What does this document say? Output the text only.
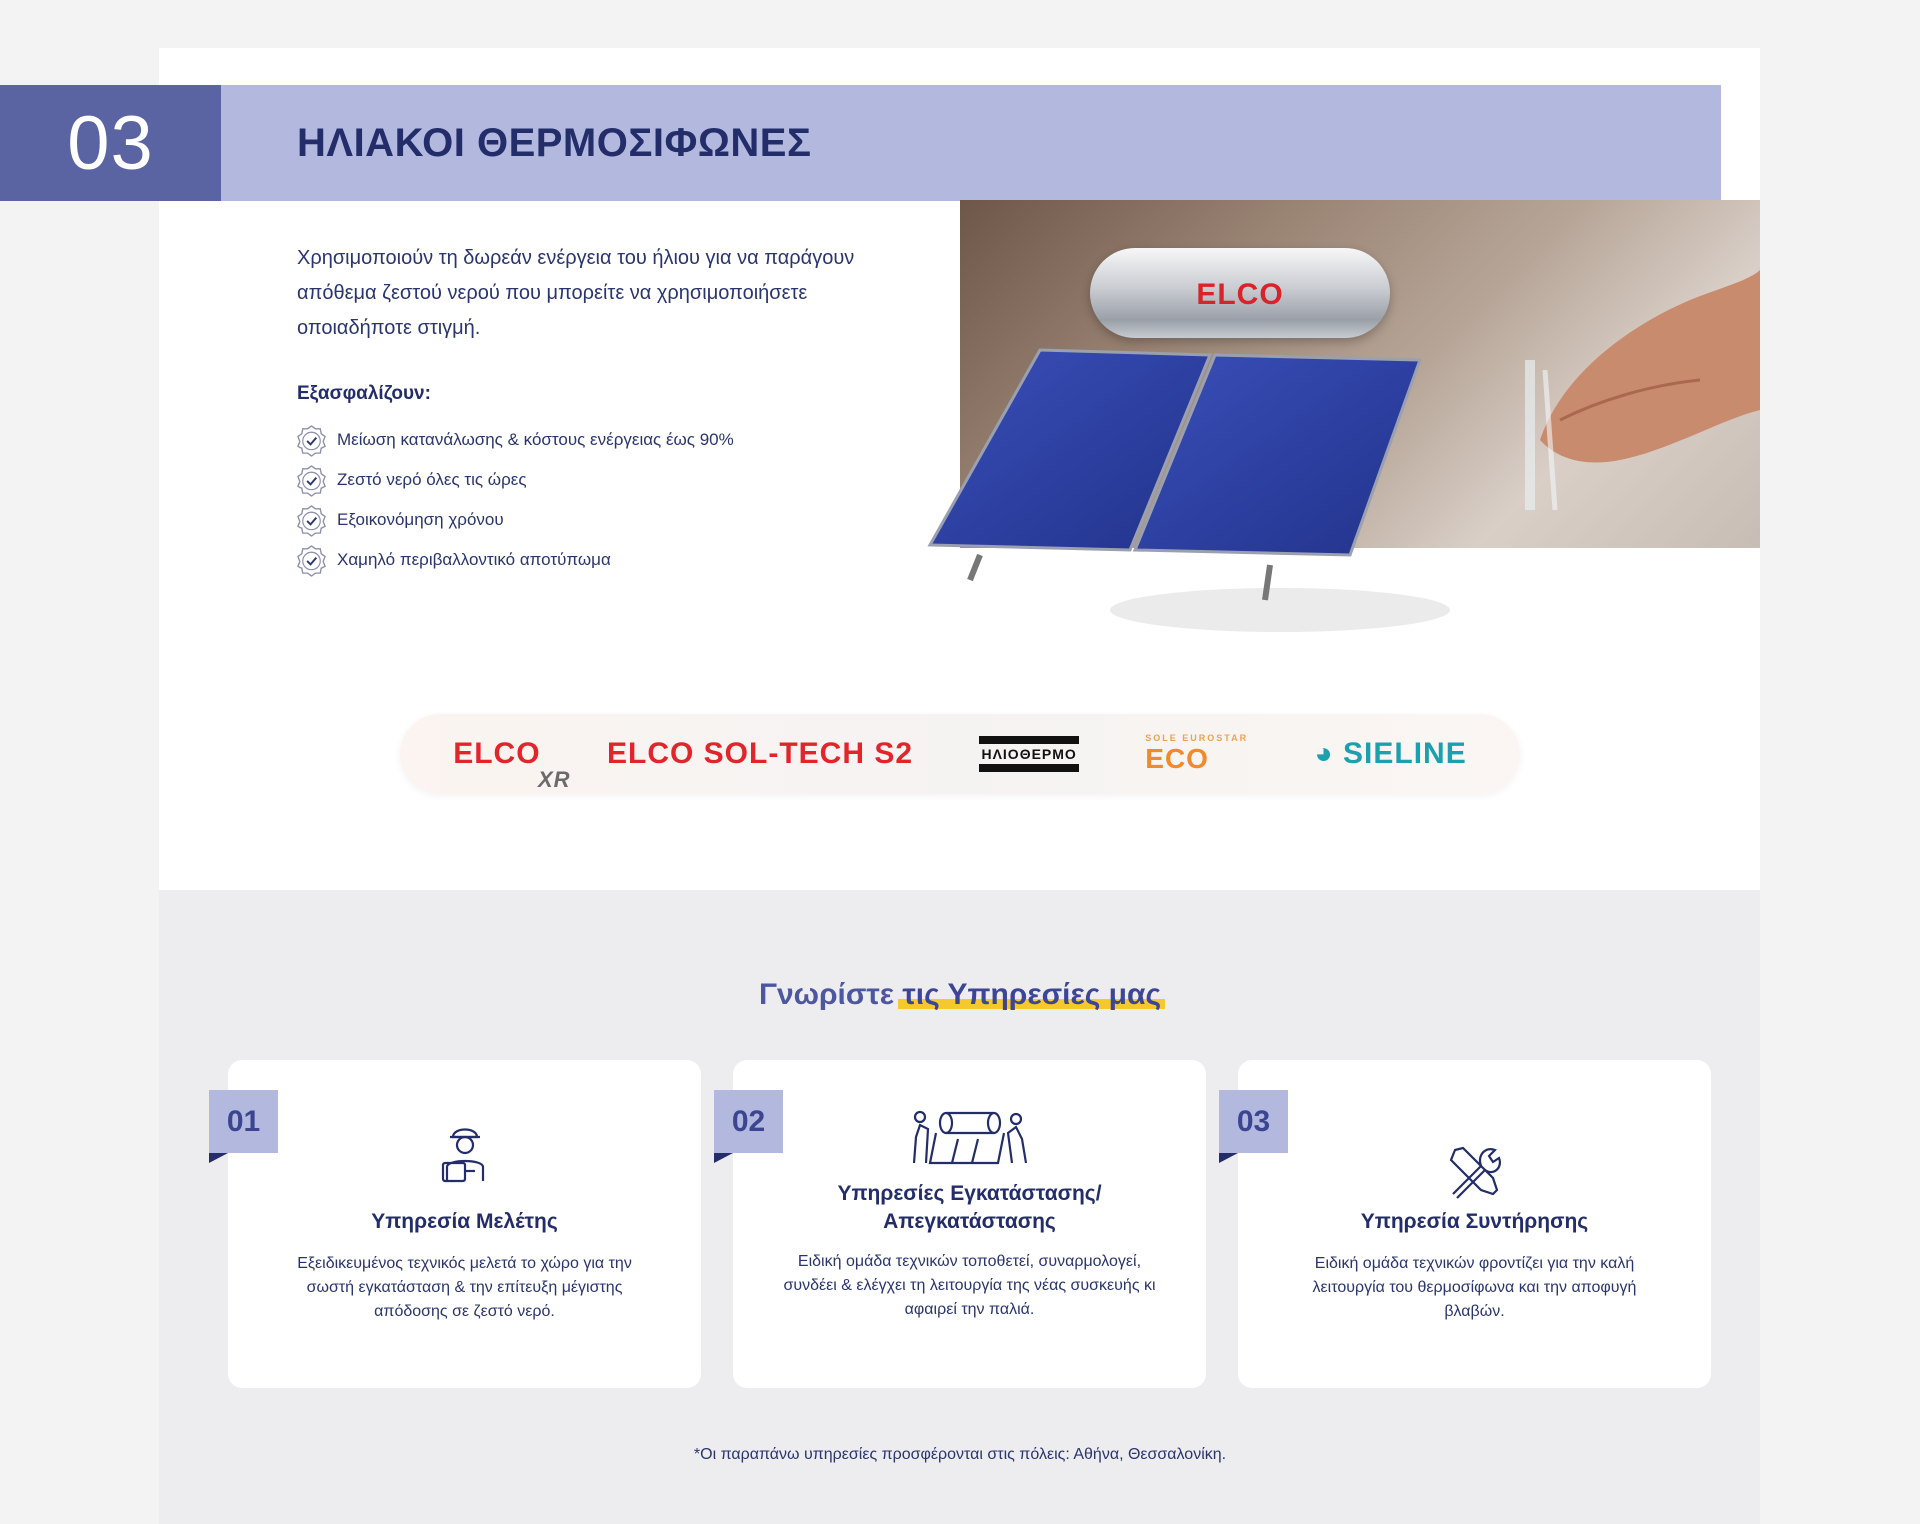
03	ΗΛΙΑΚΟΙ ΘΕΡΜΟΣΙΦΩΝΕΣ

Χρησιμοποιούν τη δωρεάν ενέργεια του ήλιου για να παράγουν απόθεμα ζεστού νερού που μπορείτε να χρησιμοποιήσετε οποιαδήποτε στιγμή.

Εξασφαλίζουν:
Μείωση κατανάλωσης & κόστους ενέργειας έως 90%
Ζεστό νερό όλες τις ώρες
Εξοικονόμηση χρόνου
Χαμηλό περιβαλλοντικό αποτύπωμα
ELCO
ELCO
XR
ELCO SOL-TECH S2	ΗΛΙΟΘΕΡΜΟ
SOLE EUROSTAR
ECO	◕ SIELINE
Γνωρίστε τις Υπηρεσίες μας
01
Υπηρεσία Μελέτης
Εξειδικευμένος τεχνικός μελετά το χώρο για την σωστή εγκατάσταση & την επίτευξη μέγιστης απόδοσης σε ζεστό νερό.
02
Υπηρεσίες Εγκατάστασης/ Απεγκατάστασης
Ειδική ομάδα τεχνικών τοποθετεί, συναρμολογεί, συνδέει & ελέγχει τη λειτουργία της νέας συσκευής κι αφαιρεί την παλιά.
03
Υπηρεσία Συντήρησης
Ειδική ομάδα τεχνικών φροντίζει για την καλή λειτουργία του θερμοσίφωνα και την αποφυγή βλαβών.
*Οι παραπάνω υπηρεσίες προσφέρονται στις πόλεις: Αθήνα, Θεσσαλονίκη.
